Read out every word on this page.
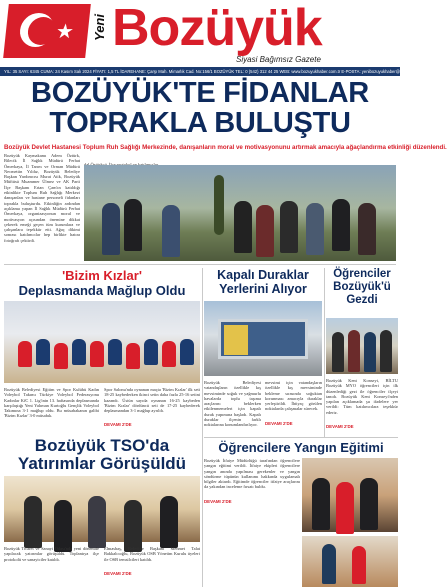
★ Yeni Bozüyük
Siyasi Bağımsız Gazete
YIL: 35 SAYI: 6345 CUMA: 24 Kasım Salı 2024 FİYATI: 1,5 TL İDAREHANE: Çarşı Mah. Mimarlık Cad. No:156/1 BOZÜYÜK TEL: 0 (542) 312 44 25 WEB: www.bozuyukhaber.com.tr E-POSTA: yenibozuyukhaber@gmail.com
BOZÜYÜK'TE FİDANLAR
TOPRAKLA BULUŞTU
Bozüyük Devlet Hastanesi Toplum Ruh Sağlığı Merkezinde, danışanların moral ve motivasyonunu artırmak amacıyla ağaçlandırma etkinliği düzenlendi.

Bozüyük Kaymakamı Adem Öztürk, Bilecik İl Sağlık Müdürü Ferhat Ömerkaya, İl Tarım ve Orman Müdürü Necmettin Yıldız, Bozüyük Belediye Başkan Yardımcısı Murat Atik, Bozüyük Müftüsü Muammer Ülmez ve AK Parti İlçe Başkanı Ertan Çam'ın katıldığı etkinlikte Toplum Ruh Sağlığı Merkezi danışanları ve hastane personeli fidanları toprakla buluşturdu. Etkinliğin ardından açıklama yapan İl Sağlık Müdürü Ferhat Ömerkaya, organizasyonun moral ve motivasyon açısından önemine dikkat çekerek emeği geçen tüm kurumlara ve çalışanlara teşekkür etti. Ağaç dikimi sonrası katılımcılar hep birlikte hatıra fotoğrafı çektirdi.

'Bizim Kızlar'
Deplasmanda Mağlup Oldu

Bozüyük Belediyesi Eğitim ve Spor Kulübü Kadın Voleybol Takımı Türkiye Voleybol Federasyonu Kadınlar KfC 1. Lig'inin 13. haftasında deplasmanda karşılaştığı Yeni Yalıman Kurtoğlu Gençlik Voleybol Takımına 3-1 mağlup oldu. Bu müsabakanın galibi 'Bizim Kızlar' 3-0 müsabık.

Spor Salonu'nda oynanan maçta 'Bizim Kızlar' ilk seti 18-25 kaybederken ikinci setin daha fazla 25-16 setini kazandı. Üstün sayıda oynanan 16-25 kaybeden 'Bizim Kızlar' dördüncü seti de 17-25 kaybederek deplasmandan 3-1 mağlup ayrıldı.

DEVAMI 2'DE
Bozüyük TSO'da
Yatırımlar Görüşüldü

Bozüyük Ticaret ve Sanayi Odası'nda yeni dönemde yapılacak yatırımlar görüşüldü. Toplantıya ilçe protokolü ve sanayiciler katıldı.

Elmasbaş, Belediye Başkanı Mehmet Talat Bakkalcıoğlu, Bozüyük OSB Yönetim Kurulu üyeleri ile OSB temsilcileri katıldı.

DEVAMI 2'DE
Kapalı Duraklar
Yerlerini Alıyor

Bozüyük Belediyesi vatandaşların özellikle kış mevsiminde soğuk ve yağmurlu havalarda toplu taşıma araçlarını beklerken etkilenmemeleri için kapalı durak yapımına başladı. Kapalı duraklar ilçenin farklı noktalarına konumlandırılıyor.

mevsimi için vatandaşların özellikle kış mevsiminde bekleme sırasında soğuktan korunması amacıyla duraklar yerleştirildi. İhtiyaç görülen noktalarda çalışmalar sürecek.

DEVAMI 2'DE
Öğrenciler
Bozüyük'ü
Gezdi

Bozüyük Kent Konseyi, BİLTU Bozüyük MYO öğrencileri için ilk düzenlediği gezi ile öğrenciler ilçeyi tanıdı. Bozüyük Kent Konseyi'nden yapılan açıklamada şu ifadelere yer verildi: Tüm katılımcılara teşekkür ederiz.

DEVAMI 2'DE
Öğrencilere Yangın Eğitimi

Bozüyük İtfaiye Müdürlüğü tarafından öğrencilere yangın eğitimi verildi. İtfaiye ekipleri öğrencilere yangın anında yapılması gerekenler ve yangın söndürme tüpünün kullanımı hakkında uygulamalı bilgiler aktardı. Eğitimde öğrenciler itfaiye araçlarını da yakından inceleme fırsatı buldu.

DEVAMI 2'DE
